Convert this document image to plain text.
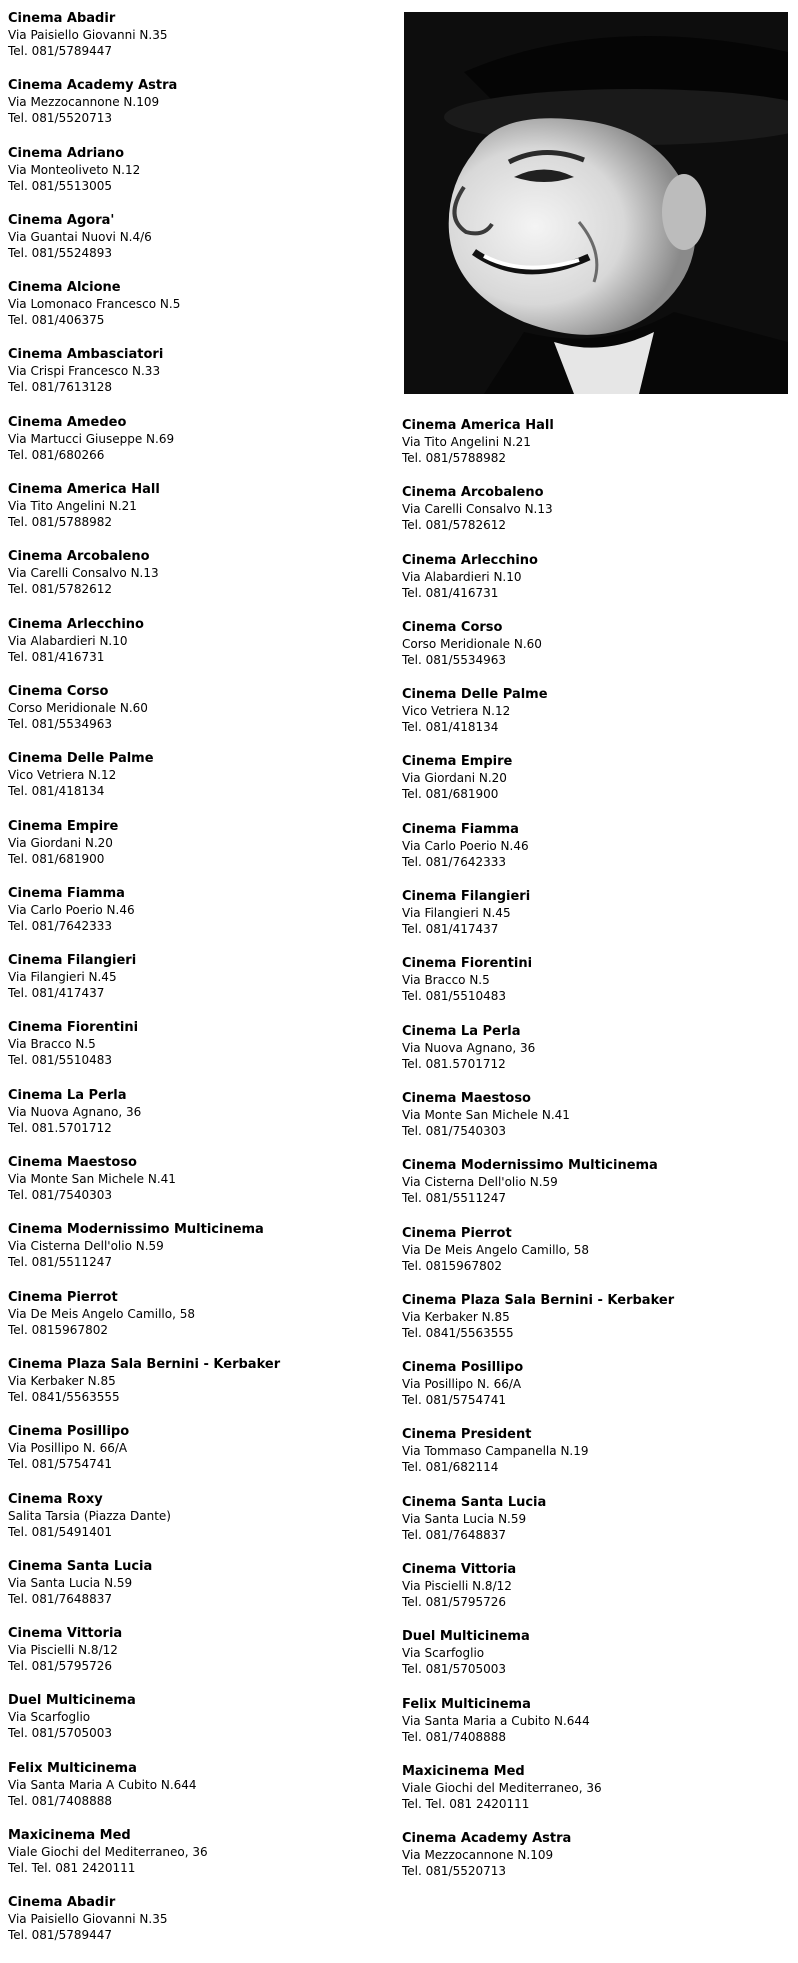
Cinema Abadir
Via Paisiello Giovanni N.35
Tel. 081/5789447
Cinema Academy Astra
Via Mezzocannone N.109
Tel. 081/5520713
Cinema Adriano
Via Monteoliveto N.12
Tel. 081/5513005
Cinema Agora'
Via Guantai Nuovi N.4/6
Tel. 081/5524893
Cinema Alcione
Via Lomonaco Francesco N.5
Tel. 081/406375
Cinema Ambasciatori
Via Crispi Francesco N.33
Tel. 081/7613128
Cinema Amedeo
Via Martucci Giuseppe N.69
Tel. 081/680266
Cinema America Hall
Via Tito Angelini N.21
Tel. 081/5788982
Cinema Arcobaleno
Via Carelli Consalvo N.13
Tel. 081/5782612
Cinema Arlecchino
Via Alabardieri N.10
Tel. 081/416731
Cinema Corso
Corso Meridionale N.60
Tel. 081/5534963
Cinema Delle Palme
Vico Vetriera N.12
Tel. 081/418134
Cinema Empire
Via Giordani N.20
Tel. 081/681900
Cinema Fiamma
Via Carlo Poerio N.46
Tel. 081/7642333
Cinema Filangieri
Via Filangieri N.45
Tel. 081/417437
Cinema Fiorentini
Via Bracco N.5
Tel. 081/5510483
Cinema La Perla
Via Nuova Agnano, 36
Tel. 081.5701712
Cinema Maestoso
Via Monte San Michele N.41
Tel. 081/7540303
Cinema Modernissimo Multicinema
Via Cisterna Dell'olio N.59
Tel. 081/5511247
Cinema Pierrot
Via De Meis Angelo Camillo, 58
Tel. 0815967802
Cinema Plaza Sala Bernini - Kerbaker
Via Kerbaker N.85
Tel. 0841/5563555
Cinema Posillipo
Via Posillipo N. 66/A
Tel. 081/5754741
Cinema Roxy
Salita Tarsia (Piazza Dante)
Tel. 081/5491401
Cinema Santa Lucia
Via Santa Lucia N.59
Tel. 081/7648837
Cinema Vittoria
Via Piscielli N.8/12
Tel. 081/5795726
Duel Multicinema
Via Scarfoglio
Tel. 081/5705003
Felix Multicinema
Via Santa Maria A Cubito N.644
Tel. 081/7408888
Maxicinema Med
Viale Giochi del Mediterraneo, 36
Tel. Tel. 081 2420111
Cinema Abadir
Via Paisiello Giovanni N.35
Tel. 081/5789447
Cinema America Hall
Via Tito Angelini N.21
Tel. 081/5788982
Cinema Arcobaleno
Via Carelli Consalvo N.13
Tel. 081/5782612
Cinema Arlecchino
Via Alabardieri N.10
Tel. 081/416731
Cinema Corso
Corso Meridionale N.60
Tel. 081/5534963
Cinema Delle Palme
Vico Vetriera N.12
Tel. 081/418134
Cinema Empire
Via Giordani N.20
Tel. 081/681900
Cinema Fiamma
Via Carlo Poerio N.46
Tel. 081/7642333
Cinema Filangieri
Via Filangieri N.45
Tel. 081/417437
Cinema Fiorentini
Via Bracco N.5
Tel. 081/5510483
Cinema La Perla
Via Nuova Agnano, 36
Tel. 081.5701712
Cinema Maestoso
Via Monte San Michele N.41
Tel. 081/7540303
Cinema Modernissimo Multicinema
Via Cisterna Dell'olio N.59
Tel. 081/5511247
Cinema Pierrot
Via De Meis Angelo Camillo, 58
Tel. 0815967802
Cinema Plaza Sala Bernini - Kerbaker
Via Kerbaker N.85
Tel. 0841/5563555
Cinema Posillipo
Via Posillipo N. 66/A
Tel. 081/5754741
Cinema President
Via Tommaso Campanella N.19
Tel. 081/682114
Cinema Santa Lucia
Via Santa Lucia N.59
Tel. 081/7648837
Cinema Vittoria
Via Piscielli N.8/12
Tel. 081/5795726
Duel Multicinema
Via Scarfoglio
Tel. 081/5705003
Felix Multicinema
Via Santa Maria a Cubito N.644
Tel. 081/7408888
Maxicinema Med
Viale Giochi del Mediterraneo, 36
Tel. Tel. 081 2420111
Cinema Academy Astra
Via Mezzocannone N.109
Tel. 081/5520713
